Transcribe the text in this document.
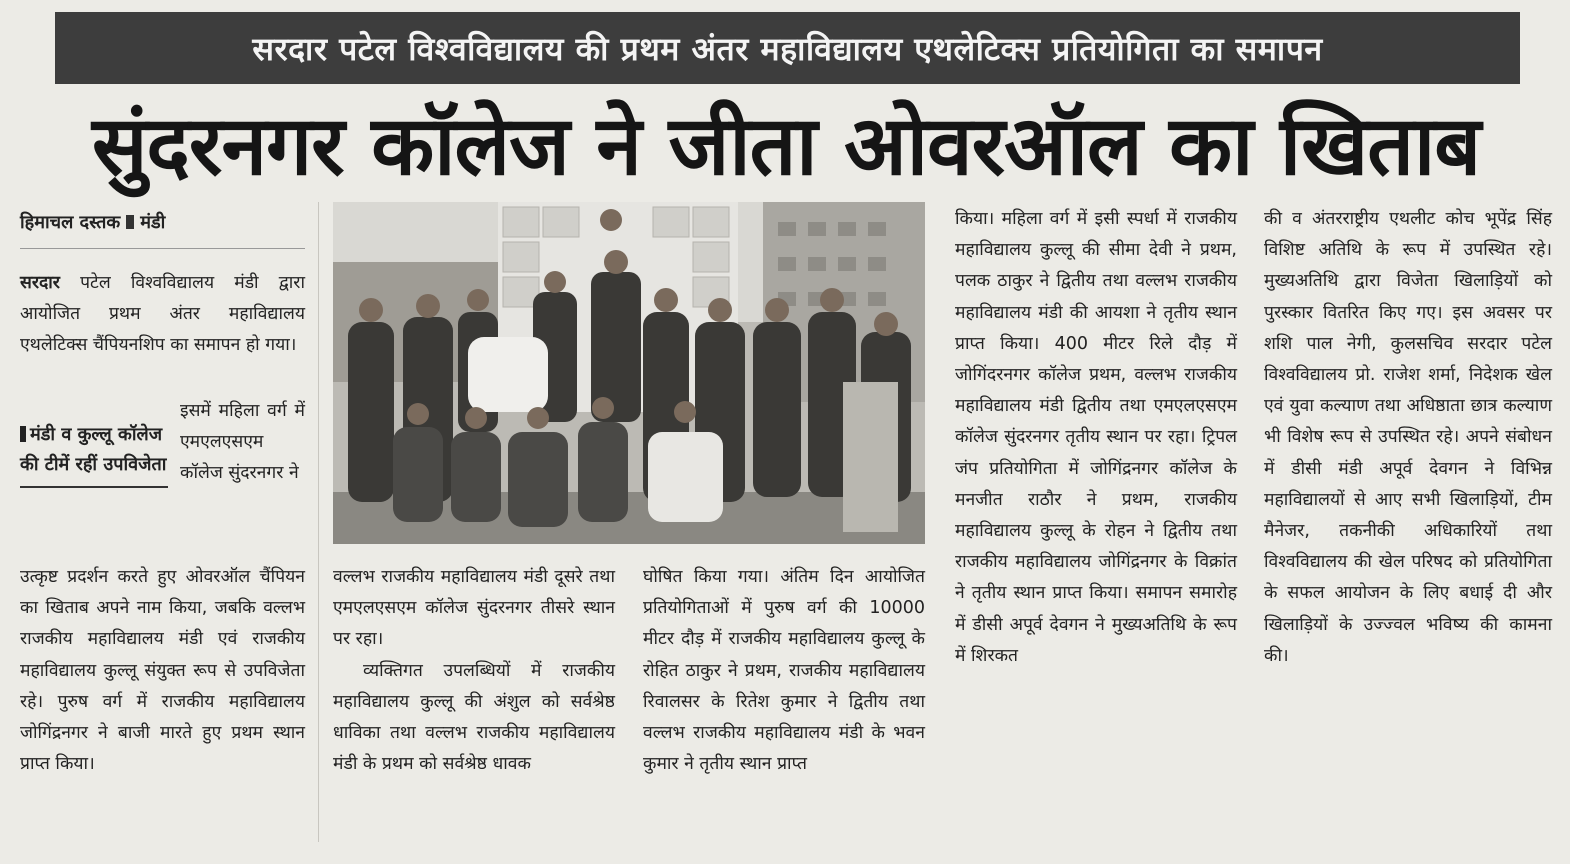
सरदार पटेल विश्वविद्यालय की प्रथम अंतर महाविद्यालय एथलेटिक्स प्रतियोगिता का समापन
सुंदरनगर कॉलेज ने जीता ओवरऑल का खिताब
हिमाचल दस्तक मंडी

सरदार पटेल विश्वविद्यालय मंडी द्वारा आयोजित प्रथम अंतर महाविद्यालय एथलेटिक्स चैंपियनशिप का समापन हो गया।

इसमें महिला वर्ग में एमएलएसएम कॉलेज सुंदरनगर ने

मंडी व कुल्लू कॉलेज की टीमें रहीं उपविजेता

उत्कृष्ट प्रदर्शन करते हुए ओवरऑल चैंपियन का खिताब अपने नाम किया, जबकि वल्लभ राजकीय महाविद्यालय मंडी एवं राजकीय महाविद्यालय कुल्लू संयुक्त रूप से उपविजेता रहे। पुरुष वर्ग में राजकीय महाविद्यालय जोगिंद्रनगर ने बाजी मारते हुए प्रथम स्थान प्राप्त किया।

वल्लभ राजकीय महाविद्यालय मंडी दूसरे तथा एमएलएसएम कॉलेज सुंदरनगर तीसरे स्थान पर रहा।

व्यक्तिगत उपलब्धियों में राजकीय महाविद्यालय कुल्लू की अंशुल को सर्वश्रेष्ठ धाविका तथा वल्लभ राजकीय महाविद्यालय मंडी के प्रथम को सर्वश्रेष्ठ धावक

घोषित किया गया। अंतिम दिन आयोजित प्रतियोगिताओं में पुरुष वर्ग की 10000 मीटर दौड़ में राजकीय महाविद्यालय कुल्लू के रोहित ठाकुर ने प्रथम, राजकीय महाविद्यालय रिवालसर के रितेश कुमार ने द्वितीय तथा वल्लभ राजकीय महाविद्यालय मंडी के भवन कुमार ने तृतीय स्थान प्राप्त

किया। महिला वर्ग में इसी स्पर्धा में राजकीय महाविद्यालय कुल्लू की सीमा देवी ने प्रथम, पलक ठाकुर ने द्वितीय तथा वल्लभ राजकीय महाविद्यालय मंडी की आयशा ने तृतीय स्थान प्राप्त किया। 400 मीटर रिले दौड़ में जोगिंदरनगर कॉलेज प्रथम, वल्लभ राजकीय महाविद्यालय मंडी द्वितीय तथा एमएलएसएम कॉलेज सुंदरनगर तृतीय स्थान पर रहा। ट्रिपल जंप प्रतियोगिता में जोगिंद्रनगर कॉलेज के मनजीत राठौर ने प्रथम, राजकीय महाविद्यालय कुल्लू के रोहन ने द्वितीय तथा राजकीय महाविद्यालय जोगिंद्रनगर के विक्रांत ने तृतीय स्थान प्राप्त किया। समापन समारोह में डीसी अपूर्व देवगन ने मुख्यअतिथि के रूप में शिरकत

की व अंतरराष्ट्रीय एथलीट कोच भूपेंद्र सिंह विशिष्ट अतिथि के रूप में उपस्थित रहे। मुख्यअतिथि द्वारा विजेता खिलाड़ियों को पुरस्कार वितरित किए गए। इस अवसर पर शशि पाल नेगी, कुलसचिव सरदार पटेल विश्वविद्यालय प्रो. राजेश शर्मा, निदेशक खेल एवं युवा कल्याण तथा अधिष्ठाता छात्र कल्याण भी विशेष रूप से उपस्थित रहे। अपने संबोधन में डीसी मंडी अपूर्व देवगन ने विभिन्न महाविद्यालयों से आए सभी खिलाड़ियों, टीम मैनेजर, तकनीकी अधिकारियों तथा विश्वविद्यालय की खेल परिषद को प्रतियोगिता के सफल आयोजन के लिए बधाई दी और खिलाड़ियों के उज्ज्वल भविष्य की कामना की।
